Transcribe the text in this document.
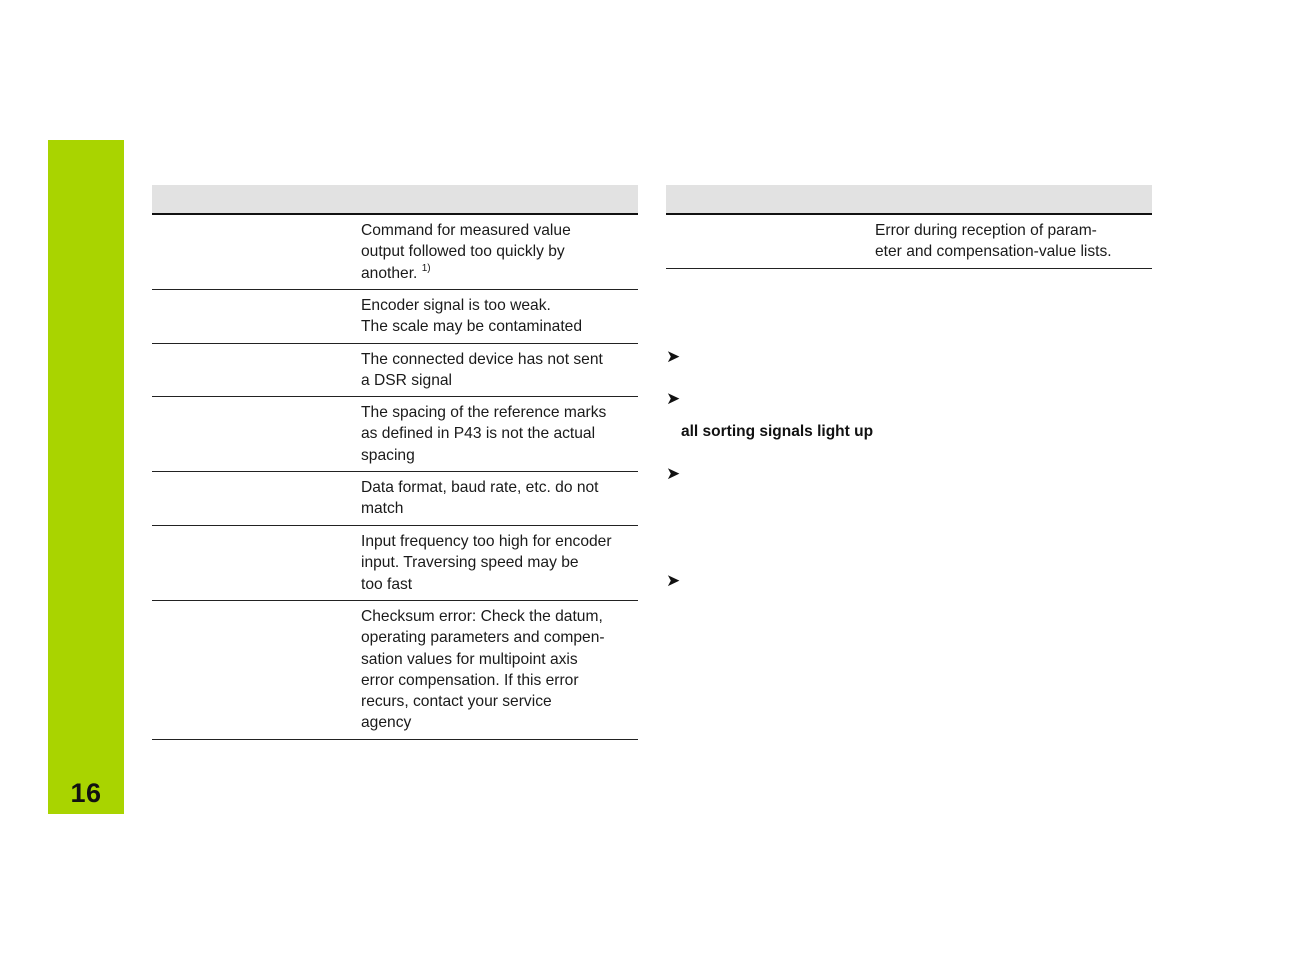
16
Command for measured value
output followed too quickly by
another. $^{1)}$
Encoder signal is too weak.
The scale may be contaminated
The connected device has not sent
a DSR signal
The spacing of the reference marks
as defined in P43 is not the actual
spacing
Data format, baud rate, etc. do not
match
Input frequency too high for encoder
input. Traversing speed may be
too fast
Checksum error: Check the datum,
operating parameters and compen-
sation values for multipoint axis
error compensation. If this error
recurs, contact your service
agency
Error during reception of param-
eter and compensation-value lists.
➤
➤
all sorting signals light up
➤
➤
